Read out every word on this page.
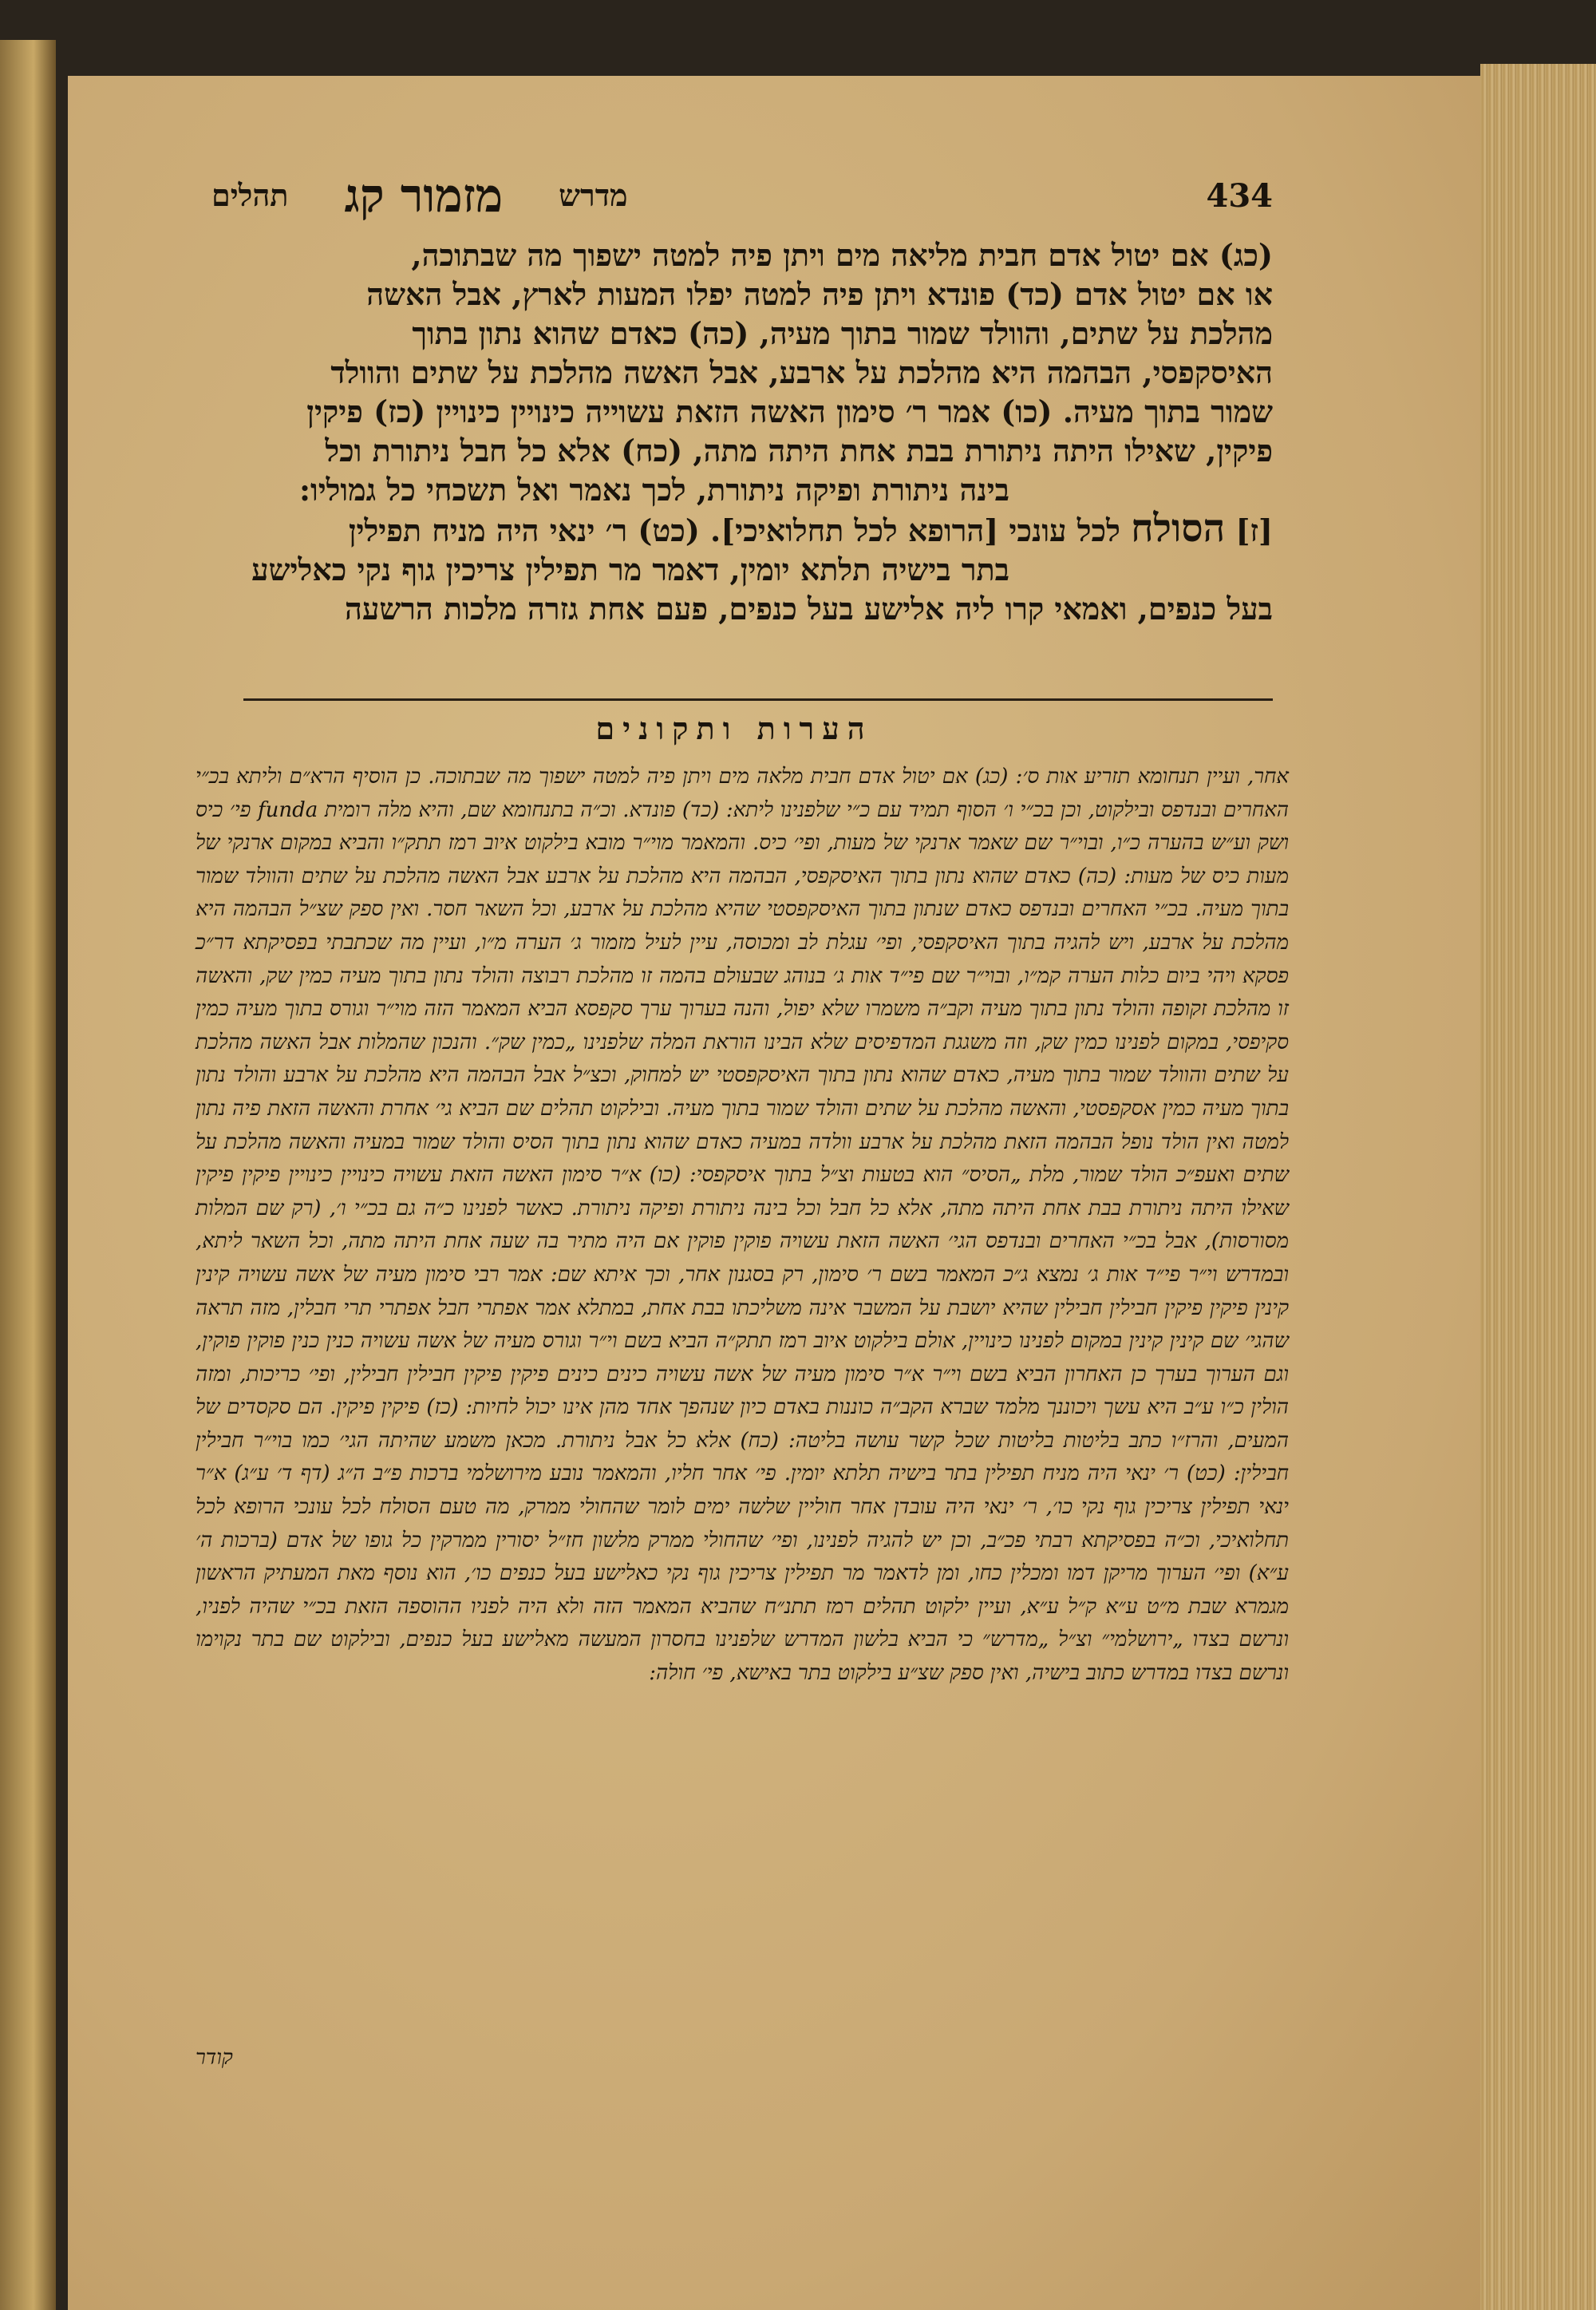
434
מדרש
מזמור קג
תהלים

(כג) אם יטול אדם חבית מליאה מים ויתן פיה למטה ישפוך מה שבתוכה,

או אם יטול אדם (כד) פונדא ויתן פיה למטה יפלו המעות לארץ, אבל האשה

מהלכת על שתים, והוולד שמור בתוך מעיה, (כה) כאדם שהוא נתון בתוך

האיסקפסי, הבהמה היא מהלכת על ארבע, אבל האשה מהלכת על שתים והוולד

שמור בתוך מעיה. (כו) אמר ר׳ סימון האשה הזאת עשוייה כינויין כינויין (כז) פיקין

פיקין, שאילו היתה ניתורת בבת אחת היתה מתה, (כח) אלא כל חבל ניתורת וכל

בינה ניתורת ופיקה ניתורת, לכך נאמר ואל תשכחי כל גמוליו:

[ז] הסולח לכל עונכי [הרופא לכל תחלואיכי]. (כט) ר׳ ינאי היה מניח תפילין

בתר בישיה תלתא יומין, דאמר מר תפילין צריכין גוף נקי כאלישע

בעל כנפים, ואמאי קרו ליה אלישע בעל כנפים, פעם אחת גזרה מלכות הרשעה

הערות ותקונים

אחר, ועיין תנחומא תזריע אות ס׳: (כג) אם יטול אדם חבית מלאה מים ויתן פיה למטה ישפוך מה שבתוכה. כן הוסיף הרא״ם וליתא בכ״י האחרים ובנדפס ובילקוט, וכן בכ״י ו׳ הסוף תמיד עם כ״י שלפנינו ליתא: (כד) פונדא. וכ״ה בתנחומא שם, והיא מלה רומית funda פי׳ כיס ושק וע״ש בהערה כ״ו, ובוי״ר שם שאמר ארנקי של מעות, ופי׳ כיס. והמאמר מוי״ר מובא בילקוט איוב רמז תתק״ו והביא במקום ארנקי של מעות כיס של מעות: (כה) כאדם שהוא נתון בתוך האיסקפסי, הבהמה היא מהלכת על ארבע אבל האשה מהלכת על שתים והוולד שמור בתוך מעיה. בכ״י האחרים ובנדפס כאדם שנתון בתוך האיסקפסטי שהיא מהלכת על ארבע, וכל השאר חסר. ואין ספק שצ״ל הבהמה היא מהלכת על ארבע, ויש להגיה בתוך האיסקפסי, ופי׳ עגלת לב ומכוסה, עיין לעיל מזמור ג׳ הערה מ״ו, ועיין מה שכתבתי בפסיקתא דר״כ פסקא ויהי ביום כלות הערה קמ״ו, ובוי״ר שם פי״ד אות ג׳ בנוהג שבעולם בהמה זו מהלכת רבוצה והולד נתון בתוך מעיה כמין שק, והאשה זו מהלכת זקופה והולד נתון בתוך מעיה וקב״ה משמרו שלא יפול, והנה בערוך ערך סקפסא הביא המאמר הזה מוי״ר וגורס בתוך מעיה כמין סקיפסי, במקום לפנינו כמין שק, וזה משגגת המדפיסים שלא הבינו הוראת המלה שלפנינו „כמין שק״. והנכון שהמלות אבל האשה מהלכת על שתים והוולד שמור בתוך מעיה, כאדם שהוא נתון בתוך האיסקפסטי יש למחוק, וכצ״ל אבל הבהמה היא מהלכת על ארבע והולד נתון בתוך מעיה כמין אסקפסטי, והאשה מהלכת על שתים והולד שמור בתוך מעיה. ובילקוט תהלים שם הביא גי׳ אחרת והאשה הזאת פיה נתון למטה ואין הולד נופל הבהמה הזאת מהלכת על ארבע וולדה במעיה כאדם שהוא נתון בתוך הסיס והולד שמור במעיה והאשה מהלכת על שתים ואעפ״כ הולד שמור, מלת „הסיס״ הוא בטעות וצ״ל בתוך איסקפסי: (כו) א״ר סימון האשה הזאת עשויה כינויין כינויין פיקין פיקין שאילו היתה ניתורת בבת אחת היתה מתה, אלא כל חבל וכל בינה ניתורת ופיקה ניתורת. כאשר לפנינו כ״ה גם בכ״י ו׳, (רק שם המלות מסורסות), אבל בכ״י האחרים ובנדפס הגי׳ האשה הזאת עשויה פוקין פוקין אם היה מתיר בה שעה אחת היתה מתה, וכל השאר ליתא, ובמדרש וי״ר פי״ד אות ג׳ נמצא ג״כ המאמר בשם ר׳ סימון, רק בסגנון אחר, וכך איתא שם: אמר רבי סימון מעיה של אשה עשויה קינין קינין פיקין פיקין חבילין חבילין שהיא יושבת על המשבר אינה משליכתו בבת אחת, במתלא אמר אפתרי חבל אפתרי תרי חבלין, מזה תראה שהגי׳ שם קינין קינין במקום לפנינו כינויין, אולם בילקוט איוב רמז תתק״ה הביא בשם וי״ר וגורס מעיה של אשה עשויה כנין כנין פוקין פוקין, וגם הערוך בערך כן האחרון הביא בשם וי״ר א״ר סימון מעיה של אשה עשויה כינים כינים פיקין פיקין חבילין חבילין, ופי׳ כריכות, ומזה הולין כ״ו ע״ב היא עשך ויכוננך מלמד שברא הקב״ה כוננות באדם כיון שנהפך אחד מהן אינו יכול לחיות: (כז) פיקין פיקין. הם סקסדים של המעים, והרז״ו כתב בליטות בליטות שכל קשר עושה בליטה: (כח) אלא כל אבל ניתורת. מכאן משמע שהיתה הגי׳ כמו בוי״ר חבילין חבילין: (כט) ר׳ ינאי היה מניח תפילין בתר בישיה תלתא יומין. פי׳ אחר חליו, והמאמר נובע מירושלמי ברכות פ״ב ה״ג (דף ד׳ ע״ג) א״ר ינאי תפילין צריכין גוף נקי כו׳, ר׳ ינאי היה עובדן אחר חוליין שלשה ימים לומר שהחולי ממרק, מה טעם הסולח לכל עונכי הרופא לכל תחלואיכי, וכ״ה בפסיקתא רבתי פכ״ב, וכן יש להגיה לפנינו, ופי׳ שהחולי ממרק מלשון חז״ל יסורין ממרקין כל גופו של אדם (ברכות ה׳ ע״א) ופי׳ הערוך מריקן דמו ומכלין כחו, ומן לדאמר מר תפילין צריכין גוף נקי כאלישע בעל כנפים כו׳, הוא נוסף מאת המעתיק הראשון מגמרא שבת מ״ט ע״א ק״ל ע״א, ועיין ילקוט תהלים רמז תתנ״ח שהביא המאמר הזה ולא היה לפניו ההוספה הזאת בכ״י שהיה לפניו, ונרשם בצדו „ירושלמי״ וצ״ל „מדרש״ כי הביא בלשון המדרש שלפנינו בחסרון המעשה מאלישע בעל כנפים, ובילקוט שם בתר נקוימו ונרשם בצדו במדרש כתוב בישיה, ואין ספק שצ״ע בילקוט בתר באישא, פי׳ חולה:

קודר
